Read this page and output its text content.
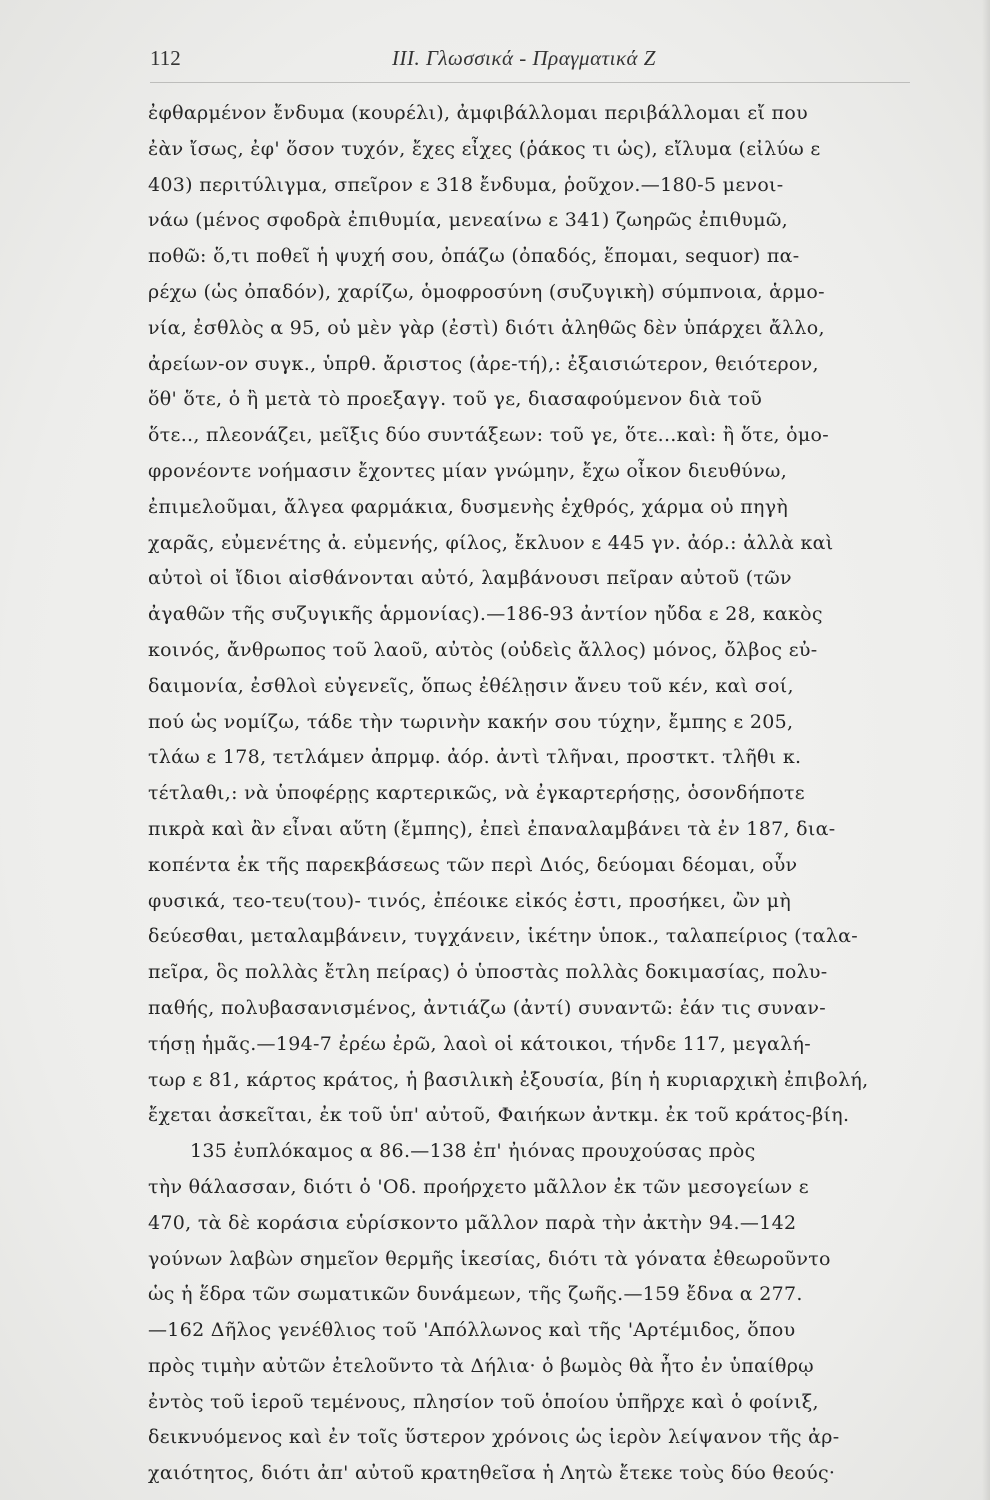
112	ΙΙΙ. Γλωσσικά - Πραγματικά Ζ
ἐφθαρμένον ἔνδυμα (κουρέλι), ἀμφιβάλλομαι περιβάλλομαι εἴ που
ἐὰν ἴσως, ἐφ' ὅσον τυχόν, ἔχες εἶχες (ῥάκος τι ὡς), εἴλυμα (εἰλύω ε
403) περιτύλιγμα, σπεῖρον ε 318 ἔνδυμα, ῥοῦχον.—180-5 μενοι-
νάω (μένος σφοδρὰ ἐπιθυμία, μενεαίνω ε 341) ζωηρῶς ἐπιθυμῶ,
ποθῶ: ὅ,τι ποθεῖ ἡ ψυχή σου, ὀπάζω (ὀπαδός, ἕπομαι, sequor) πα-
ρέχω (ὡς ὀπαδόν), χαρίζω, ὁμοφροσύνη (συζυγικὴ) σύμπνοια, ἁρμο-
νία, ἐσθλὸς α 95, οὐ μὲν γὰρ (ἐστὶ) διότι ἀληθῶς δὲν ὑπάρχει ἄλλο,
ἀρείων-ον συγκ., ὑπρθ. ἄριστος (ἀρε-τή),: ἐξαισιώτερον, θειότερον,
ὅθ' ὅτε, ὁ ἢ μετὰ τὸ προεξαγγ. τοῦ γε, διασαφούμενον διὰ τοῦ
ὅτε.., πλεονάζει, μεῖξις δύο συντάξεων: τοῦ γε, ὅτε...καὶ: ἢ ὅτε, ὁμο-
φρονέοντε νοήμασιν ἔχοντες μίαν γνώμην, ἔχω οἶκον διευθύνω,
ἐπιμελοῦμαι, ἄλγεα φαρμάκια, δυσμενὴς ἐχθρός, χάρμα οὐ πηγὴ
χαρᾶς, εὐμενέτης ἀ. εὐμενής, φίλος, ἔκλυον ε 445 γν. ἀόρ.: ἀλλὰ καὶ
αὐτοὶ οἱ ἴδιοι αἰσθάνονται αὐτό, λαμβάνουσι πεῖραν αὐτοῦ (τῶν
ἀγαθῶν τῆς συζυγικῆς ἁρμονίας).—186-93 ἀντίον ηὔδα ε 28, κακὸς
κοινός, ἄνθρωπος τοῦ λαοῦ, αὐτὸς (οὐδεὶς ἄλλος) μόνος, ὄλβος εὐ-
δαιμονία, ἐσθλοὶ εὐγενεῖς, ὅπως ἐθέλῃσιν ἄνευ τοῦ κέν, καὶ σοί,
πού ὡς νομίζω, τάδε τὴν τωρινὴν κακήν σου τύχην, ἔμπης ε 205,
τλάω ε 178, τετλάμεν ἀπρμφ. ἀόρ. ἀντὶ τλῆναι, προστκτ. τλῆθι κ.
τέτλαθι,: νὰ ὑποφέρῃς καρτερικῶς, νὰ ἐγκαρτερήσῃς, ὁσονδήποτε
πικρὰ καὶ ἂν εἶναι αὕτη (ἔμπης), ἐπεὶ ἐπαναλαμβάνει τὰ ἐν 187, δια-
κοπέντα ἐκ τῆς παρεκβάσεως τῶν περὶ Διός, δεύομαι δέομαι, οὖν
φυσικά, τεο-τευ(του)- τινός, ἐπέοικε εἰκός ἐστι, προσήκει, ὢν μὴ
δεύεσθαι, μεταλαμβάνειν, τυγχάνειν, ἱκέτην ὑποκ., ταλαπείριος (ταλα-
πεῖρα, ὃς πολλὰς ἔτλη πείρας) ὁ ὑποστὰς πολλὰς δοκιμασίας, πολυ-
παθής, πολυβασανισμένος, ἀντιάζω (ἀντί) συναντῶ: ἐάν τις συναν-
τήσῃ ἡμᾶς.—194-7 ἐρέω ἐρῶ, λαοὶ οἱ κάτοικοι, τήνδε 117, μεγαλή-
τωρ ε 81, κάρτος κράτος, ἡ βασιλικὴ ἐξουσία, βίη ἡ κυριαρχικὴ ἐπιβολή,
ἔχεται ἀσκεῖται, ἐκ τοῦ ὑπ' αὐτοῦ, Φαιήκων ἀντκμ. ἐκ τοῦ κράτος-βίη.
135 ἐυπλόκαμος α 86.—138 ἐπ' ἠιόνας προυχούσας πρὸς
τὴν θάλασσαν, διότι ὁ 'Οδ. προήρχετο μᾶλλον ἐκ τῶν μεσογείων ε
470, τὰ δὲ κοράσια εὑρίσκοντο μᾶλλον παρὰ τὴν ἀκτὴν 94.—142
γούνων λαβὼν σημεῖον θερμῆς ἱκεσίας, διότι τὰ γόνατα ἐθεωροῦντο
ὡς ἡ ἕδρα τῶν σωματικῶν δυνάμεων, τῆς ζωῆς.—159 ἔδνα α 277.
—162 Δῆλος γενέθλιος τοῦ 'Απόλλωνος καὶ τῆς 'Αρτέμιδος, ὅπου
πρὸς τιμὴν αὐτῶν ἐτελοῦντο τὰ Δήλια· ὁ βωμὸς θὰ ἦτο ἐν ὑπαίθρῳ
ἐντὸς τοῦ ἱεροῦ τεμένους, πλησίον τοῦ ὁποίου ὑπῆρχε καὶ ὁ φοίνιξ,
δεικνυόμενος καὶ ἐν τοῖς ὕστερον χρόνοις ὡς ἱερὸν λείψανον τῆς ἀρ-
χαιότητος, διότι ἀπ' αὐτοῦ κρατηθεῖσα ἡ Λητὼ ἔτεκε τοὺς δύο θεούς·
